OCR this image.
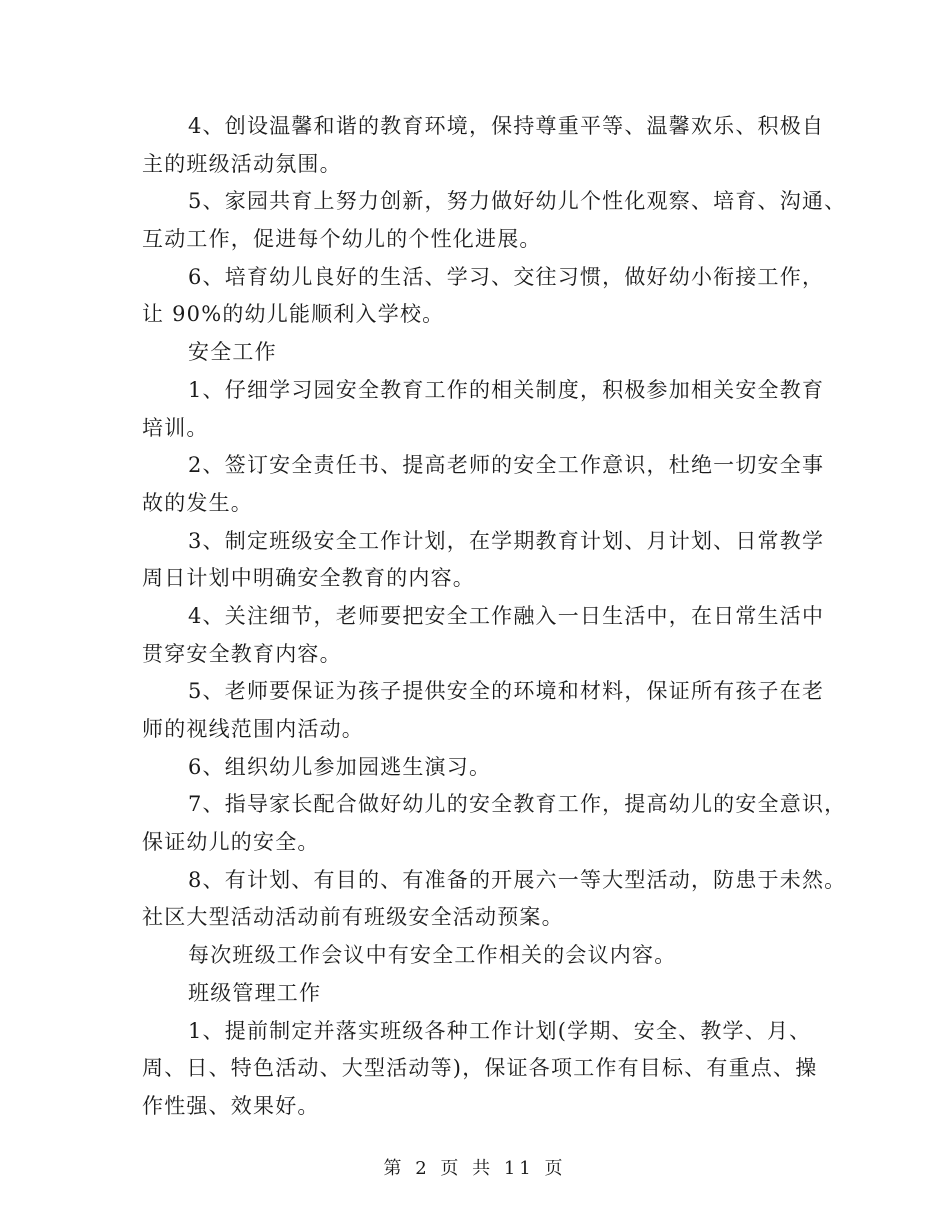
4、创设温馨和谐的教育环境，保持尊重平等、温馨欢乐、积极自
主的班级活动氛围。
5、家园共育上努力创新，努力做好幼儿个性化观察、培育、沟通、
互动工作，促进每个幼儿的个性化进展。
6、培育幼儿良好的生活、学习、交往习惯，做好幼小衔接工作，
让 90%的幼儿能顺利入学校。
安全工作
1、仔细学习园安全教育工作的相关制度，积极参加相关安全教育
培训。
2、签订安全责任书、提高老师的安全工作意识，杜绝一切安全事
故的发生。
3、制定班级安全工作计划，在学期教育计划、月计划、日常教学
周日计划中明确安全教育的内容。
4、关注细节，老师要把安全工作融入一日生活中，在日常生活中
贯穿安全教育内容。
5、老师要保证为孩子提供安全的环境和材料，保证所有孩子在老
师的视线范围内活动。
6、组织幼儿参加园逃生演习。
7、指导家长配合做好幼儿的安全教育工作，提高幼儿的安全意识，
保证幼儿的安全。
8、有计划、有目的、有准备的开展六一等大型活动，防患于未然。
社区大型活动活动前有班级安全活动预案。
每次班级工作会议中有安全工作相关的会议内容。
班级管理工作
1、提前制定并落实班级各种工作计划(学期、安全、教学、月、
周、日、特色活动、大型活动等)，保证各项工作有目标、有重点、操
作性强、效果好。
第 2 页 共 11 页
